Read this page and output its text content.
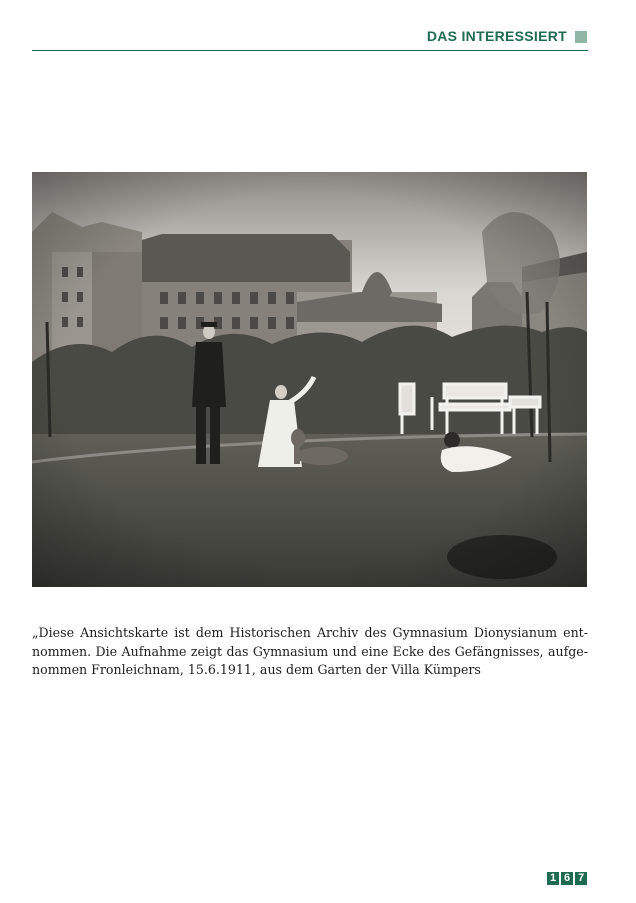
DAS INTERESSIERT

„Diese Ansichtskarte ist dem Historischen Archiv des Gymnasium Dionysianum ent-
nommen. Die Aufnahme zeigt das Gymnasium und eine Ecke des Gefängnisses, aufge-
nommen Fronleichnam, 15.6.1911, aus dem Garten der Villa Kümpers

1 6 7
